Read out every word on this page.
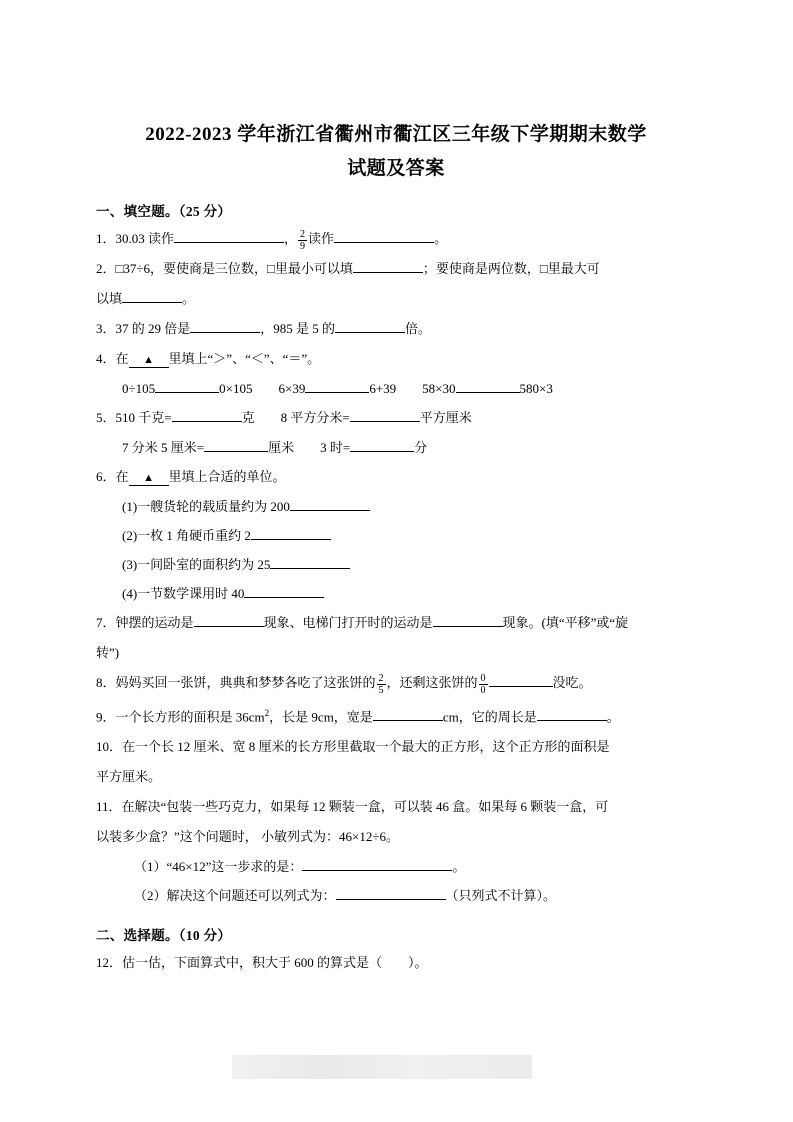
2022-2023 学年浙江省衢州市衢江区三年级下学期期末数学
试题及答案
一、填空题。（25 分）
1．30.03 读作	， $\frac{2}{9}$ 读作	。
2．□37÷6，要使商是三位数，□里最小可以填	；要使商是两位数，□里最大可
以填	。
3．37 的 29 倍是	，985 是 5 的	倍。
4．在 ▲ 里填上“＞”、“＜”、“＝”。
0÷105	0×105 6×39	6+39 58×30	580×3
5．510 千克=	克 8 平方分米=	平方厘米
7 分米 5 厘米=	厘米 3 时=	分
6．在 ▲ 里填上合适的单位。
(1)一艘货轮的载质量约为 200
(2)一枚 1 角硬币重约 2
(3)一间卧室的面积约为 25
(4)一节数学课用时 40
7．钟摆的运动是	现象、电梯门打开时的运动是	现象。(填“平移”或“旋
转”)
8．妈妈买回一张饼，典典和梦梦各吃了这张饼的 $\frac{2}{5}$ ，还剩这张饼的 $\frac{0}{0}$	没吃。
9．一个长方形的面积是 $36cm^2$，长是 9cm，宽是	cm，它的周长是	。
10．在一个长 12 厘米、宽 8 厘米的长方形里截取一个最大的正方形，这个正方形的面积是
平方厘米。
11．在解决“包装一些巧克力，如果每 12 颗装一盒，可以装 46 盒。如果每 6 颗装一盒，可
以装多少盒？”这个问题时， 小敏列式为：46×12÷6。
（1）“46×12”这一步求的是：	。
（2）解决这个问题还可以列式为：	（只列式不计算）。
二、选择题。（10 分）
12．估一估，下面算式中，积大于 600 的算式是（ ）。
